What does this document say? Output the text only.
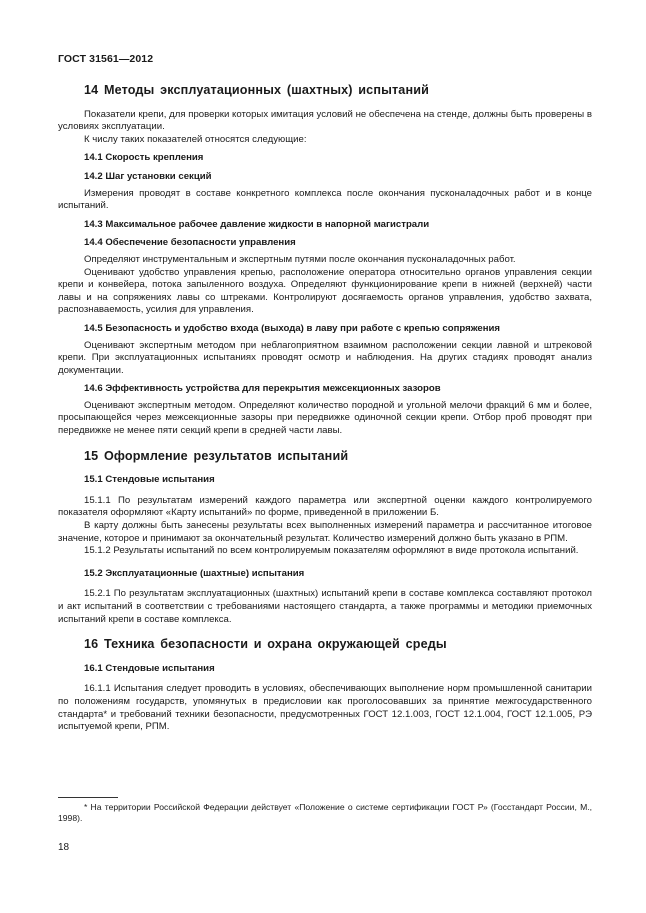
ГОСТ 31561—2012
14 Методы эксплуатационных (шахтных) испытаний

Показатели крепи, для проверки которых имитация условий не обеспечена на стенде, должны быть проверены в условиях эксплуатации.

К числу таких показателей относятся следующие:

14.1 Скорость крепления
14.2 Шаг установки секций

Измерения проводят в составе конкретного комплекса после окончания пусконаладочных работ и в конце испытаний.

14.3 Максимальное рабочее давление жидкости в напорной магистрали
14.4 Обеспечение безопасности управления

Определяют инструментальным и экспертным путями после окончания пусконаладочных работ.

Оценивают удобство управления крепью, расположение оператора относительно органов управления секции крепи и конвейера, потока запыленного воздуха. Определяют функционирование крепи в нижней (верхней) части лавы и на сопряжениях лавы со штреками. Контролируют досягаемость органов управления, удобство захвата, распознаваемость, усилия для управления.

14.5 Безопасность и удобство входа (выхода) в лаву при работе с крепью сопряжения

Оценивают экспертным методом при неблагоприятном взаимном расположении секции лавной и штрековой крепи. При эксплуатационных испытаниях проводят осмотр и наблюдения. На других стадиях проводят анализ документации.

14.6 Эффективность устройства для перекрытия межсекционных зазоров

Оценивают экспертным методом. Определяют количество породной и угольной мелочи фракций 6 мм и более, просыпающейся через межсекционные зазоры при передвижке одиночной секции крепи. Отбор проб проводят при передвижке не менее пяти секций крепи в средней части лавы.

15 Оформление результатов испытаний
15.1 Стендовые испытания

15.1.1 По результатам измерений каждого параметра или экспертной оценки каждого контролируемого показателя оформляют «Карту испытаний» по форме, приведенной в приложении Б.

В карту должны быть занесены результаты всех выполненных измерений параметра и рассчитанное итоговое значение, которое и принимают за окончательный результат. Количество измерений должно быть указано в РПМ.

15.1.2 Результаты испытаний по всем контролируемым показателям оформляют в виде протокола испытаний.

15.2 Эксплуатационные (шахтные) испытания

15.2.1 По результатам эксплуатационных (шахтных) испытаний крепи в составе комплекса составляют протокол и акт испытаний в соответствии с требованиями настоящего стандарта, а также программы и методики приемочных испытаний крепи в составе комплекса.

16 Техника безопасности и охрана окружающей среды
16.1 Стендовые испытания

16.1.1 Испытания следует проводить в условиях, обеспечивающих выполнение норм промышленной санитарии по положениям государств, упомянутых в предисловии как проголосовавших за принятие межгосударственного стандарта* и требований техники безопасности, предусмотренных ГОСТ 12.1.003, ГОСТ 12.1.004, ГОСТ 12.1.005, РЭ испытуемой крепи, РПМ.

* На территории Российской Федерации действует «Положение о системе сертификации ГОСТ Р» (Госстандарт России, М., 1998).
18
